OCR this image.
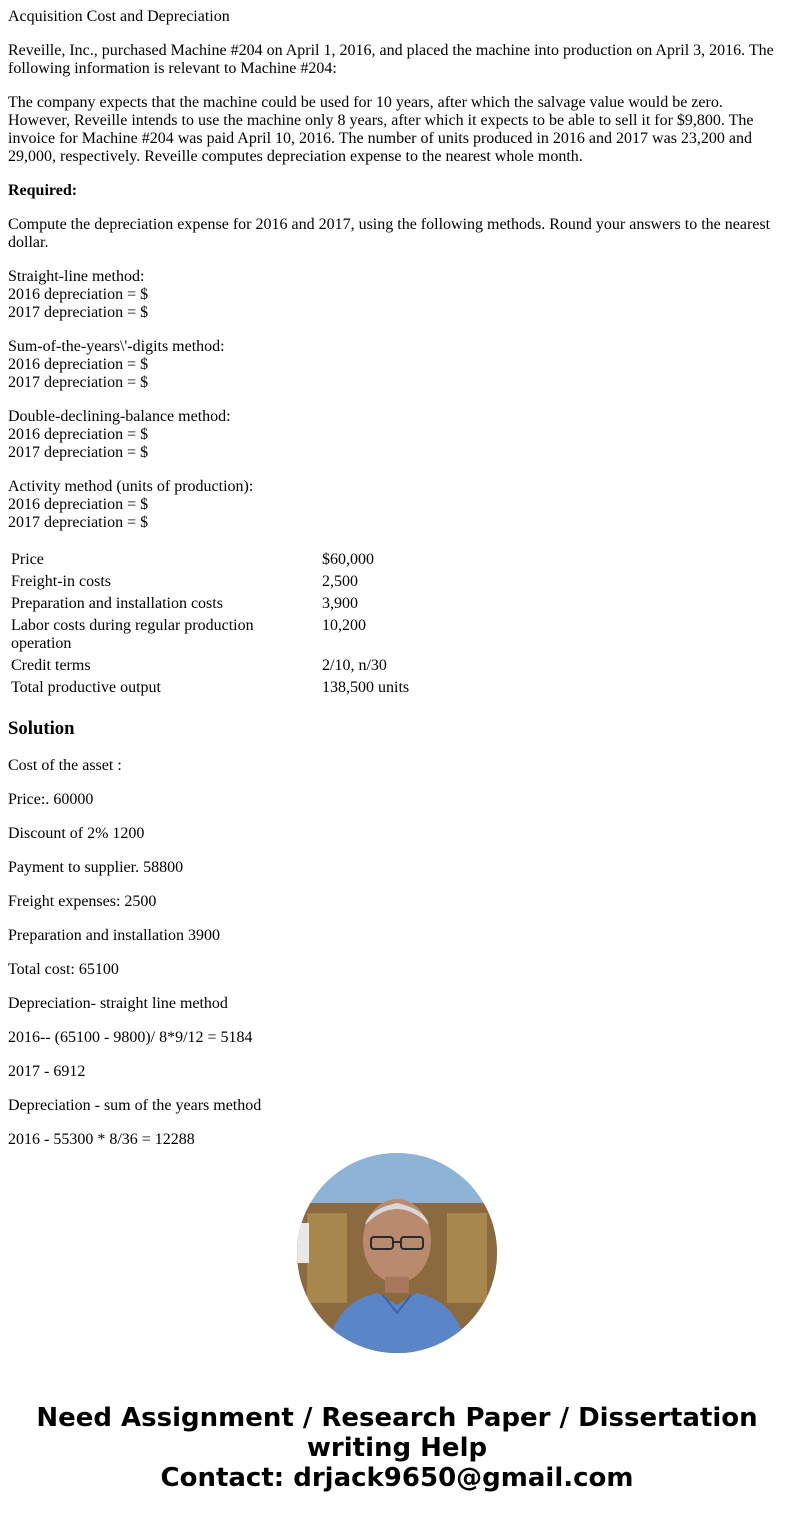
Acquisition Cost and Depreciation

Reveille, Inc., purchased Machine #204 on April 1, 2016, and placed the machine into production on April 3, 2016. The following information is relevant to Machine #204:

The company expects that the machine could be used for 10 years, after which the salvage value would be zero. However, Reveille intends to use the machine only 8 years, after which it expects to be able to sell it for $9,800. The invoice for Machine #204 was paid April 10, 2016. The number of units produced in 2016 and 2017 was 23,200 and 29,000, respectively. Reveille computes depreciation expense to the nearest whole month.

Required:

Compute the depreciation expense for 2016 and 2017, using the following methods. Round your answers to the nearest dollar.

Straight-line method:
2016 depreciation = $
2017 depreciation = $

Sum-of-the-years\'-digits method:
2016 depreciation = $
2017 depreciation = $

Double-declining-balance method:
2016 depreciation = $
2017 depreciation = $

Activity method (units of production):
2016 depreciation = $
2017 depreciation = $

Price	$60,000
Freight-in costs	2,500
Preparation and installation costs	3,900
Labor costs during regular production operation	10,200
Credit terms	2/10, n/30
Total productive output	138,500 units
Solution

Cost of the asset :

Price:. 60000

Discount of 2% 1200

Payment to supplier. 58800

Freight expenses: 2500

Preparation and installation 3900

Total cost: 65100

Depreciation- straight line method

2016-- (65100 - 9800)/ 8*9/12 = 5184

2017 - 6912

Depreciation - sum of the years method

2016 - 55300 * 8/36 = 12288

Need Assignment / Research Paper / Dissertation
writing Help
Contact: drjack9650@gmail.com
